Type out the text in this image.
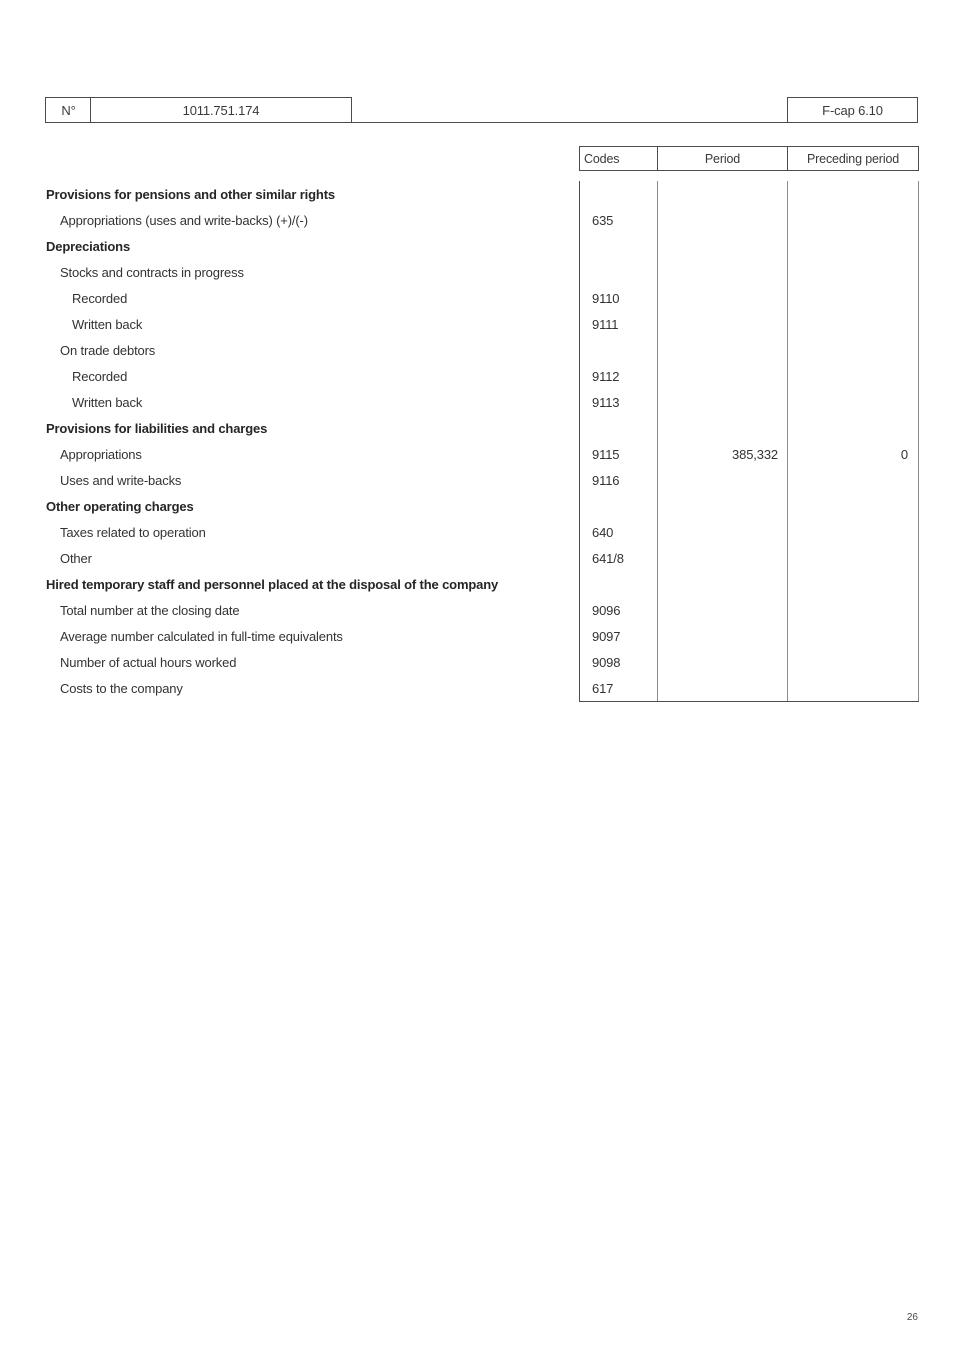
N°	1011.751.174	F-cap 6.10
Codes	Period	Preceding period
Provisions for pensions and other similar rights
Appropriations (uses and write-backs) (+)/(-)	635
Depreciations
Stocks and contracts in progress
Recorded	9110
Written back	9111
On trade debtors
Recorded	9112
Written back	9113
Provisions for liabilities and charges
Appropriations	9115	385,332	0
Uses and write-backs	9116
Other operating charges
Taxes related to operation	640
Other	641/8
Hired temporary staff and personnel placed at the disposal of the company
Total number at the closing date	9096
Average number calculated in full-time equivalents	9097
Number of actual hours worked	9098
Costs to the company	617
26
